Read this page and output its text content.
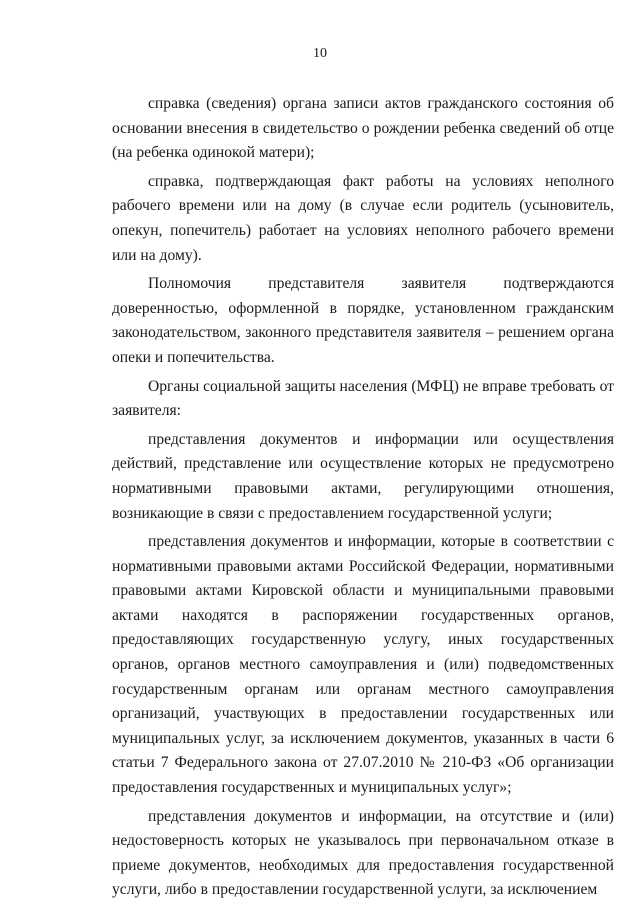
10

справка (сведения) органа записи актов гражданского состояния об основании внесения в свидетельство о рождении ребенка сведений об отце (на ребенка одинокой матери);

справка, подтверждающая факт работы на условиях неполного рабочего времени или на дому (в случае если родитель (усыновитель, опекун, попечитель) работает на условиях неполного рабочего времени или на дому).

Полномочия представителя заявителя подтверждаются доверенностью, оформленной в порядке, установленном гражданским законодательством, законного представителя заявителя – решением органа опеки и попечительства.

Органы социальной защиты населения (МФЦ) не вправе требовать от заявителя:

представления документов и информации или осуществления действий, представление или осуществление которых не предусмотрено нормативными правовыми актами, регулирующими отношения, возникающие в связи с предоставлением государственной услуги;

представления документов и информации, которые в соответствии с нормативными правовыми актами Российской Федерации, нормативными правовыми актами Кировской области и муниципальными правовыми актами находятся в распоряжении государственных органов, предоставляющих государственную услугу, иных государственных органов, органов местного самоуправления и (или) подведомственных государственным органам или органам местного самоуправления организаций, участвующих в предоставлении государственных или муниципальных услуг, за исключением документов, указанных в части 6 статьи 7 Федерального закона от 27.07.2010 № 210-ФЗ «Об организации предоставления государственных и муниципальных услуг»;

представления документов и информации, на отсутствие и (или) недостоверность которых не указывалось при первоначальном отказе в приеме документов, необходимых для предоставления государственной услуги, либо в предоставлении государственной услуги, за исключением
